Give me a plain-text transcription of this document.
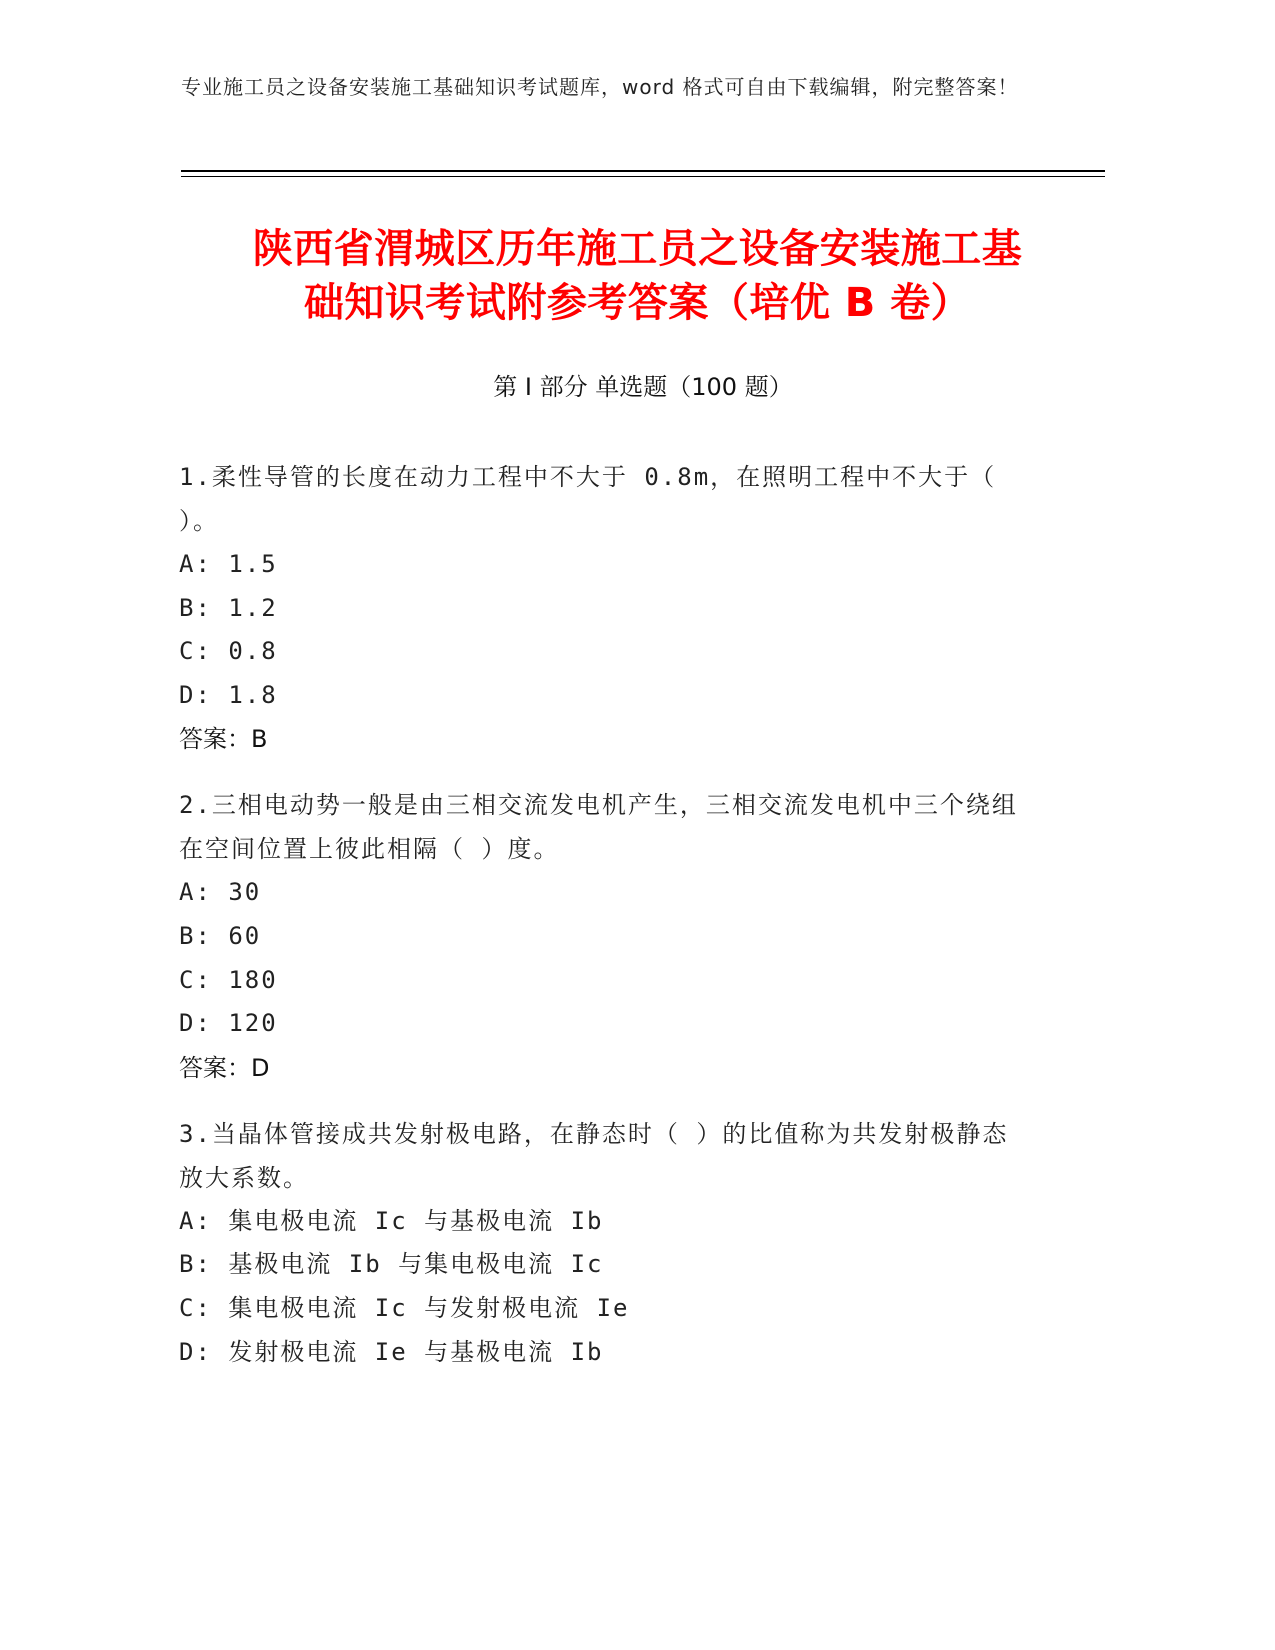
专业施工员之设备安装施工基础知识考试题库，word 格式可自由下载编辑，附完整答案！
陕西省渭城区历年施工员之设备安装施工基
础知识考试附参考答案（培优 B 卷）
第 I 部分 单选题（100 题）
1.柔性导管的长度在动力工程中不大于 0.8m，在照明工程中不大于（ ）。
A: 1.5
B: 1.2
C: 0.8
D: 1.8
答案：B
2.三相电动势一般是由三相交流发电机产生，三相交流发电机中三个绕组在空间位置上彼此相隔（ ）度。
A: 30
B: 60
C: 180
D: 120
答案：D
3.当晶体管接成共发射极电路，在静态时（ ）的比值称为共发射极静态放大系数。
A: 集电极电流 Ic 与基极电流 Ib
B: 基极电流 Ib 与集电极电流 Ic
C: 集电极电流 Ic 与发射极电流 Ie
D: 发射极电流 Ie 与基极电流 Ib
